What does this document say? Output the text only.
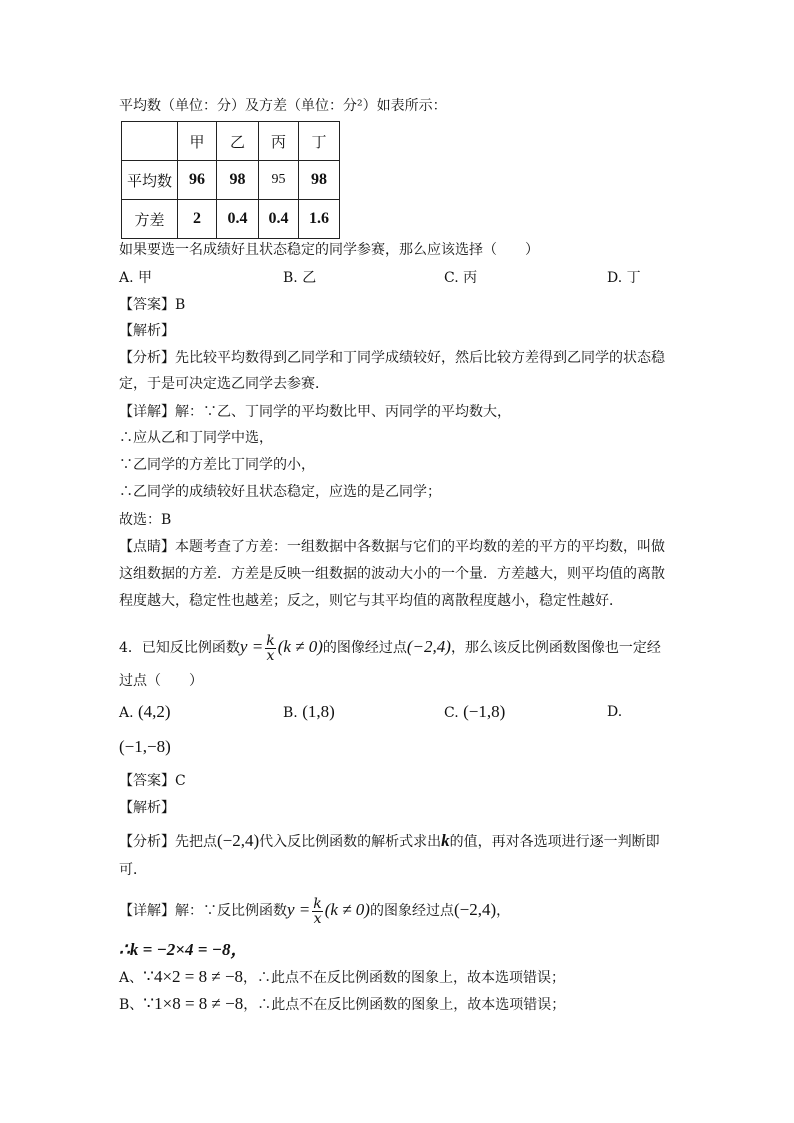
平均数（单位：分）及方差（单位：分²）如表所示：
	甲	乙	丙	丁
平均数	96	98	95	98
方差	2	0.4	0.4	1.6
如果要选一名成绩好且状态稳定的同学参赛，那么应该选择（　　）
A. 甲	B. 乙	C. 丙	D. 丁
【答案】B
【解析】
【分析】先比较平均数得到乙同学和丁同学成绩较好，然后比较方差得到乙同学的状态稳
定，于是可决定选乙同学去参赛．
【详解】解：∵乙、丁同学的平均数比甲、丙同学的平均数大，
∴应从乙和丁同学中选，
∵乙同学的方差比丁同学的小，
∴乙同学的成绩较好且状态稳定，应选的是乙同学；
故选：B
【点睛】本题考查了方差：一组数据中各数据与它们的平均数的差的平方的平均数，叫做
这组数据的方差．方差是反映一组数据的波动大小的一个量．方差越大，则平均值的离散
程度越大，稳定性也越差；反之，则它与其平均值的离散程度越小，稳定性越好．
4．已知反比例函数$y = \frac{k}{x} (k \ne 0)$的图像经过点(−2,4)，那么该反比例函数图像也一定经
过点（　　）
A. (4,2)	B. (1,8)	C. (−1,8)	D.
(−1,−8)
【答案】C
【解析】
【分析】先把点(−2,4)代入反比例函数的解析式求出k的值，再对各选项进行逐一判断即
可．
【详解】解：∵反比例函数$y = \frac{k}{x} (k \ne 0)$的图象经过点(−2,4)，
∴k = −2×4 = −8，
A、∵4×2 = 8 ≠ −8，∴此点不在反比例函数的图象上，故本选项错误；
B、∵1×8 = 8 ≠ −8，∴此点不在反比例函数的图象上，故本选项错误；
